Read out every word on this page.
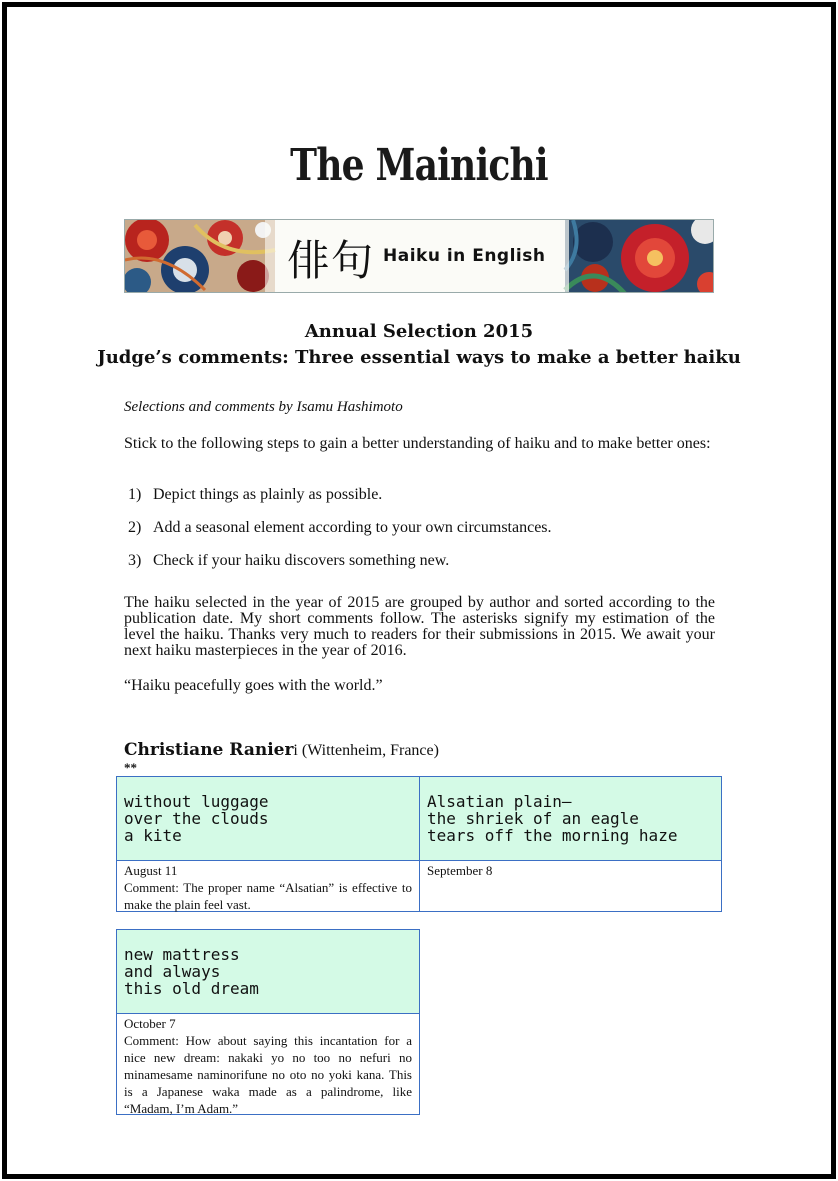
The Mainichi
俳句 Haiku in English
Annual Selection 2015
Judge’s comments: Three essential ways to make a better haiku
Selections and comments by Isamu Hashimoto
Stick to the following steps to gain a better understanding of haiku and to make better ones:
1) Depict things as plainly as possible.
2) Add a seasonal element according to your own circumstances.
3) Check if your haiku discovers something new.
The haiku selected in the year of 2015 are grouped by author and sorted according to the publication date. My short comments follow. The asterisks signify my estimation of the level the haiku. Thanks very much to readers for their submissions in 2015. We await your next haiku masterpieces in the year of 2016.
“Haiku peacefully goes with the world.”
Christiane Ranieri (Wittenheim, France)
**
without luggage
over the clouds
a kite
Alsatian plain—
the shriek of an eagle
tears off the morning haze
August 11
Comment: The proper name “Alsatian” is effective to make the plain feel vast.
September 8
new mattress
and always
this old dream
October 7
Comment: How about saying this incantation for a nice new dream: nakaki yo no too no nefuri no minamesame naminorifune no oto no yoki kana. This is a Japanese waka made as a palindrome, like “Madam, I’m Adam.”
